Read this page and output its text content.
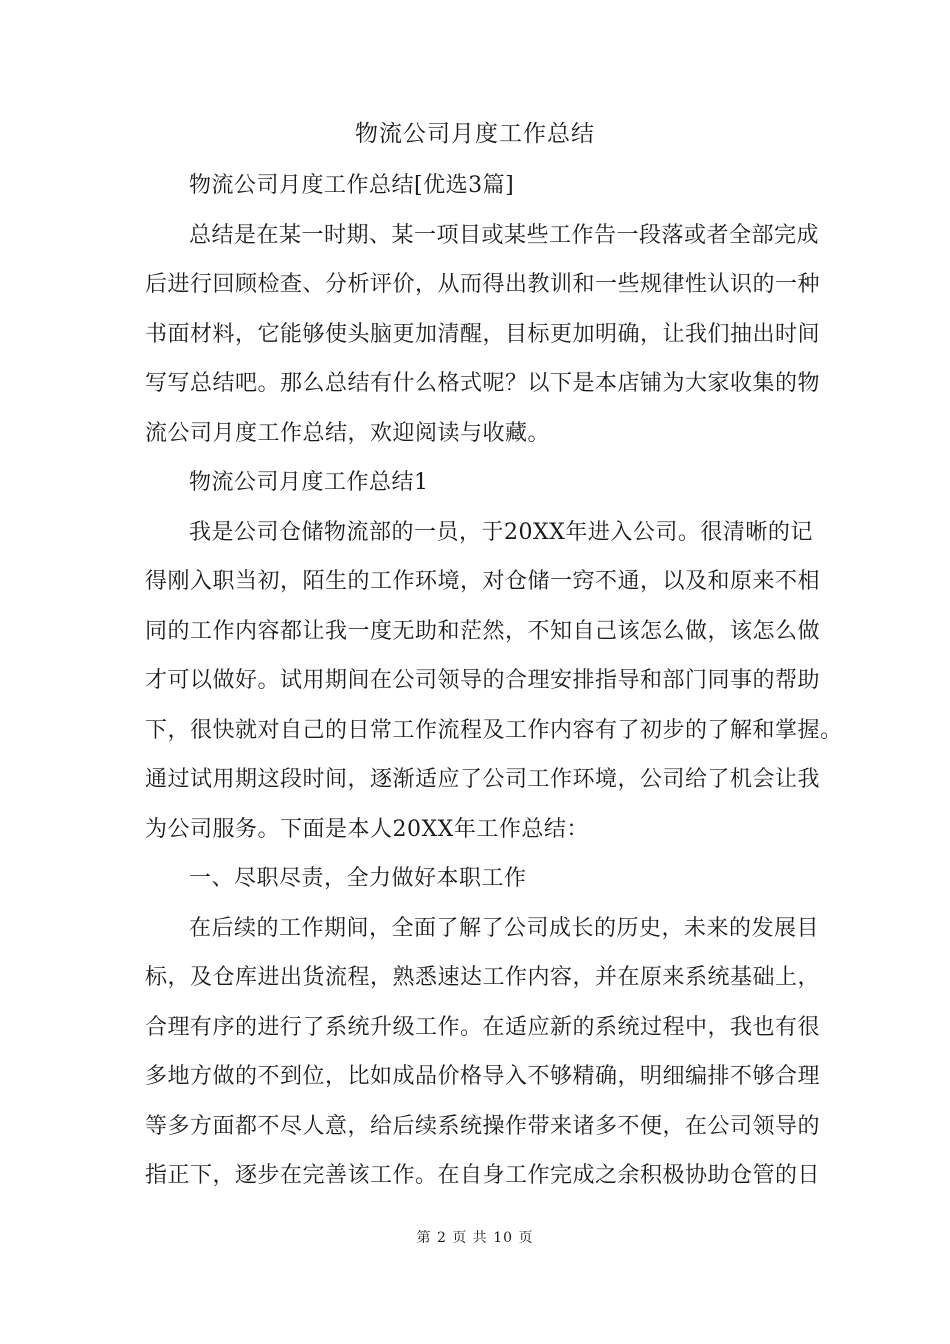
物流公司月度工作总结
物流公司月度工作总结[优选3篇]
总结是在某一时期、某一项目或某些工作告一段落或者全部完成
后进行回顾检查、分析评价，从而得出教训和一些规律性认识的一种
书面材料，它能够使头脑更加清醒，目标更加明确，让我们抽出时间
写写总结吧。那么总结有什么格式呢？以下是本店铺为大家收集的物
流公司月度工作总结，欢迎阅读与收藏。
物流公司月度工作总结1
我是公司仓储物流部的一员，于20XX年进入公司。很清晰的记
得刚入职当初，陌生的工作环境，对仓储一窍不通，以及和原来不相
同的工作内容都让我一度无助和茫然，不知自己该怎么做，该怎么做
才可以做好。试用期间在公司领导的合理安排指导和部门同事的帮助
下，很快就对自己的日常工作流程及工作内容有了初步的了解和掌握。
通过试用期这段时间，逐渐适应了公司工作环境，公司给了机会让我
为公司服务。下面是本人20XX年工作总结：
一、尽职尽责，全力做好本职工作
在后续的工作期间，全面了解了公司成长的历史，未来的发展目
标，及仓库进出货流程，熟悉速达工作内容，并在原来系统基础上，
合理有序的进行了系统升级工作。在适应新的系统过程中，我也有很
多地方做的不到位，比如成品价格导入不够精确，明细编排不够合理
等多方面都不尽人意，给后续系统操作带来诸多不便，在公司领导的
指正下，逐步在完善该工作。在自身工作完成之余积极协助仓管的日
第 2 页 共 10 页
